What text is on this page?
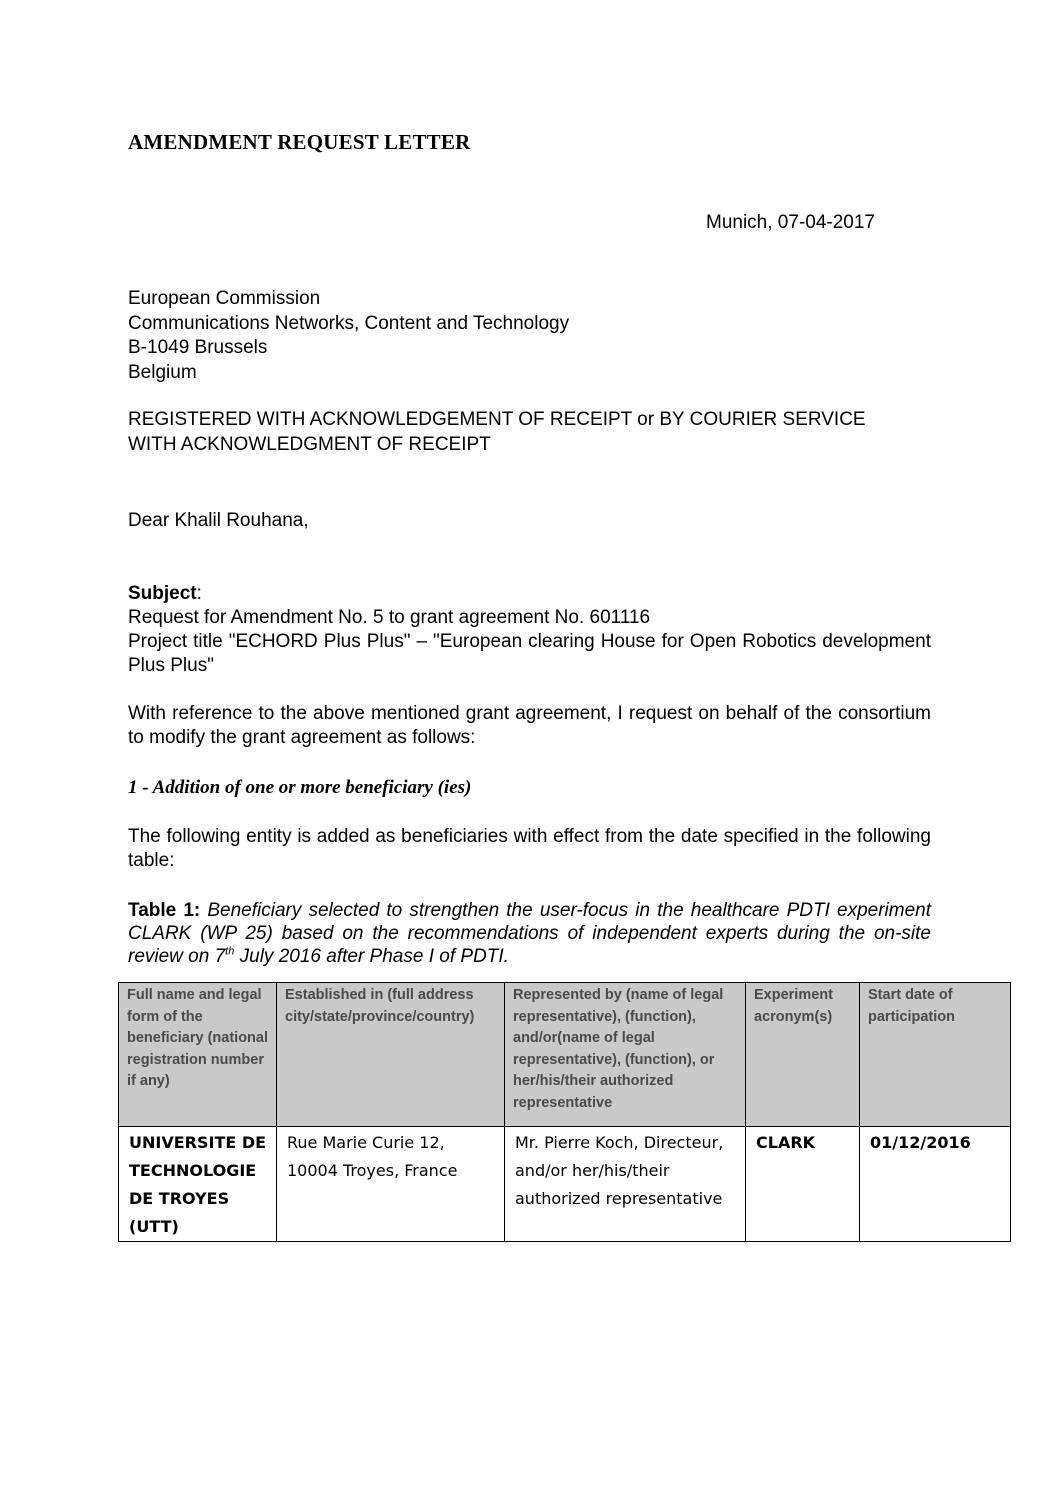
AMENDMENT REQUEST LETTER
Munich, 07-04-2017
European Commission
Communications Networks, Content and Technology
B-1049 Brussels
Belgium
REGISTERED WITH ACKNOWLEDGEMENT OF RECEIPT or BY COURIER SERVICE WITH ACKNOWLEDGMENT OF RECEIPT
Dear Khalil Rouhana,
Subject:
Request for Amendment No. 5 to grant agreement No. 601116
Project title "ECHORD Plus Plus" – "European clearing House for Open Robotics development Plus Plus"
With reference to the above mentioned grant agreement, I request on behalf of the consortium to modify the grant agreement as follows:
1 - Addition of one or more beneficiary (ies)
The following entity is added as beneficiaries with effect from the date specified in the following table:
Table 1: Beneficiary selected to strengthen the user-focus in the healthcare PDTI experiment CLARK (WP 25) based on the recommendations of independent experts during the on-site review on 7th July 2016 after Phase I of PDTI.
Full name and legal form of the beneficiary (national registration number if any)	Established in (full address city/state/province/country)	Represented by (name of legal representative), (function), and/or(name of legal representative), (function), or her/his/their authorized representative	Experiment acronym(s)	Start date of participation
UNIVERSITE DE TECHNOLOGIE DE TROYES (UTT)	Rue Marie Curie 12, 10004 Troyes, France	Mr. Pierre Koch, Directeur, and/or her/his/their authorized representative	CLARK	01/12/2016
